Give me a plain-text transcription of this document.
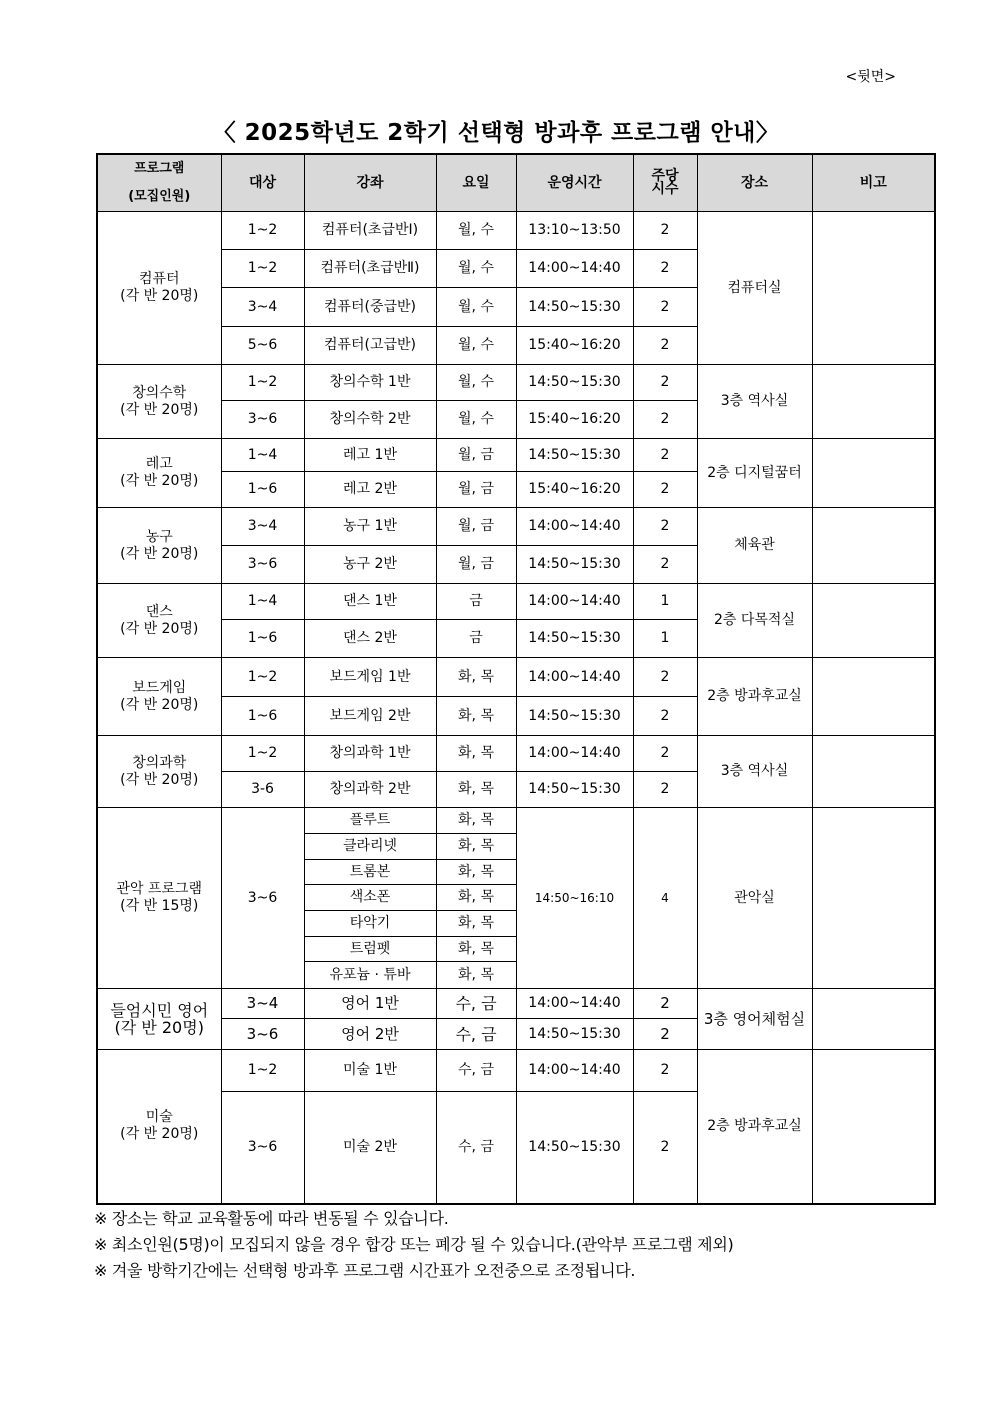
<뒷면>
〈 2025학년도 2학기 선택형 방과후 프로그램 안내〉
프로그램
(모집인원)	대상	강좌	요일	운영시간	주당
시수	장소	비고
컴퓨터
(각 반 20명)	1~2	컴퓨터(초급반Ⅰ)	월, 수	13:10~13:50	2	컴퓨터실	
	1~2	컴퓨터(초급반Ⅱ)	월, 수	14:00~14:40	2		
	3~4	컴퓨터(중급반)	월, 수	14:50~15:30	2		
	5~6	컴퓨터(고급반)	월, 수	15:40~16:20	2		
창의수학
(각 반 20명)	1~2	창의수학 1반	월, 수	14:50~15:30	2	3층 역사실	
	3~6	창의수학 2반	월, 수	15:40~16:20	2		
레고
(각 반 20명)	1~4	레고 1반	월, 금	14:50~15:30	2	2층 디지털꿈터	
	1~6	레고 2반	월, 금	15:40~16:20	2		
농구
(각 반 20명)	3~4	농구 1반	월, 금	14:00~14:40	2	체육관	
	3~6	농구 2반	월, 금	14:50~15:30	2		
댄스
(각 반 20명)	1~4	댄스 1반	금	14:00~14:40	1	2층 다목적실	
	1~6	댄스 2반	금	14:50~15:30	1		
보드게임
(각 반 20명)	1~2	보드게임 1반	화, 목	14:00~14:40	2	2층 방과후교실	
	1~6	보드게임 2반	화, 목	14:50~15:30	2		
창의과학
(각 반 20명)	1~2	창의과학 1반	화, 목	14:00~14:40	2	3층 역사실	
	3-6	창의과학 2반	화, 목	14:50~15:30	2		
관악 프로그램
(각 반 15명)	3~6	플루트	화, 목	14:50~16:10	4	관악실	
		클라리넷	화, 목				
		트롬본	화, 목				
		색소폰	화, 목				
		타악기	화, 목				
		트럼펫	화, 목				
		유포늄 · 튜바	화, 목				
들엄시민 영어
(각 반 20명)	3~4	영어 1반	수, 금	14:00~14:40	2	3층 영어체험실	
	3~6	영어 2반	수, 금	14:50~15:30	2		
미술
(각 반 20명)	1~2	미술 1반	수, 금	14:00~14:40	2	2층 방과후교실	
	3~6	미술 2반	수, 금	14:50~15:30	2		
※ 장소는 학교 교육활동에 따라 변동될 수 있습니다.
※ 최소인원(5명)이 모집되지 않을 경우 합강 또는 폐강 될 수 있습니다.(관악부 프로그램 제외)
※ 겨울 방학기간에는 선택형 방과후 프로그램 시간표가 오전중으로 조정됩니다.
